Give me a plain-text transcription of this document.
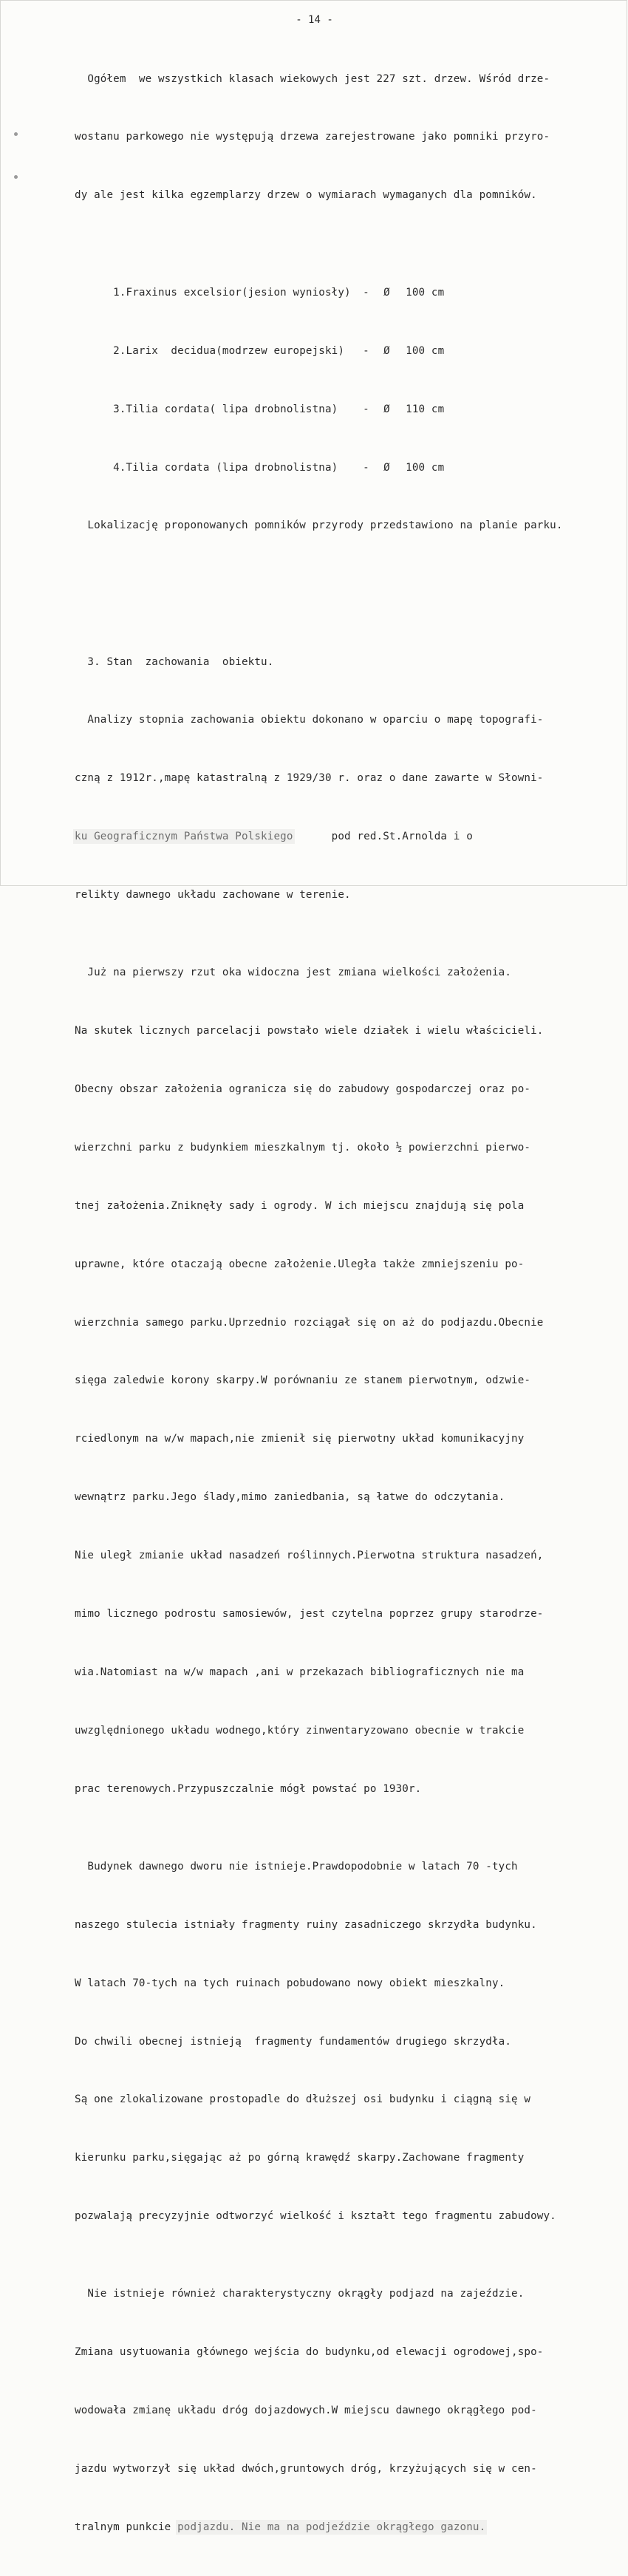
- 14 -

Ogółem  we wszystkich klasach wiekowych jest 227 szt. drzew. Wśród drze-

wostanu parkowego nie występują drzewa zarejestrowane jako pomniki przyro-

dy ale jest kilka egzemplarzy drzew o wymiarach wymaganych dla pomników.

1.Fraxinus excelsior(jesion wyniosły) - Ø 100 cm

2.Larix  decidua(modrzew europejski) - Ø 100 cm

3.Tilia cordata( lipa drobnolistna) - Ø 110 cm

4.Tilia cordata (lipa drobnolistna) - Ø 100 cm

Lokalizację proponowanych pomników przyrody przedstawiono na planie parku.

3. Stan  zachowania  obiektu.

Analizy stopnia zachowania obiektu dokonano w oparciu o mapę topografi-

czną z 1912r.,mapę katastralną z 1929/30 r. oraz o dane zawarte w Słowni-

ku Geograficznym Państwa Polskiego      pod red.St.Arnolda i o

relikty dawnego układu zachowane w terenie.

Już na pierwszy rzut oka widoczna jest zmiana wielkości założenia.

Na skutek licznych parcelacji powstało wiele działek i wielu właścicieli.

Obecny obszar założenia ogranicza się do zabudowy gospodarczej oraz po-

wierzchni parku z budynkiem mieszkalnym tj. około ½ powierzchni pierwo-

tnej założenia.Zniknęły sady i ogrody. W ich miejscu znajdują się pola

uprawne, które otaczają obecne założenie.Uległa także zmniejszeniu po-

wierzchnia samego parku.Uprzednio rozciągał się on aż do podjazdu.Obecnie

sięga zaledwie korony skarpy.W porównaniu ze stanem pierwotnym, odzwie-

rciedlonym na w/w mapach,nie zmienił się pierwotny układ komunikacyjny

wewnątrz parku.Jego ślady,mimo zaniedbania, są łatwe do odczytania.

Nie uległ zmianie układ nasadzeń roślinnych.Pierwotna struktura nasadzeń,

mimo licznego podrostu samosiewów, jest czytelna poprzez grupy starodrze-

wia.Natomiast na w/w mapach ,ani w przekazach bibliograficznych nie ma

uwzględnionego układu wodnego,który zinwentaryzowano obecnie w trakcie

prac terenowych.Przypuszczalnie mógł powstać po 1930r.

Budynek dawnego dworu nie istnieje.Prawdopodobnie w latach 70 -tych

naszego stulecia istniały fragmenty ruiny zasadniczego skrzydła budynku.

W latach 70-tych na tych ruinach pobudowano nowy obiekt mieszkalny.

Do chwili obecnej istnieją  fragmenty fundamentów drugiego skrzydła.

Są one zlokalizowane prostopadle do dłuższej osi budynku i ciągną się w

kierunku parku,sięgając aż po górną krawędź skarpy.Zachowane fragmenty

pozwalają precyzyjnie odtworzyć wielkość i kształt tego fragmentu zabudowy.

Nie istnieje również charakterystyczny okrągły podjazd na zajeździe.

Zmiana usytuowania głównego wejścia do budynku,od elewacji ogrodowej,spo-

wodowała zmianę układu dróg dojazdowych.W miejscu dawnego okrągłego pod-

jazdu wytworzył się układ dwóch,gruntowych dróg, krzyżujących się w cen-

tralnym punkcie podjazdu. Nie ma na podjeździe okrągłego gazonu.
